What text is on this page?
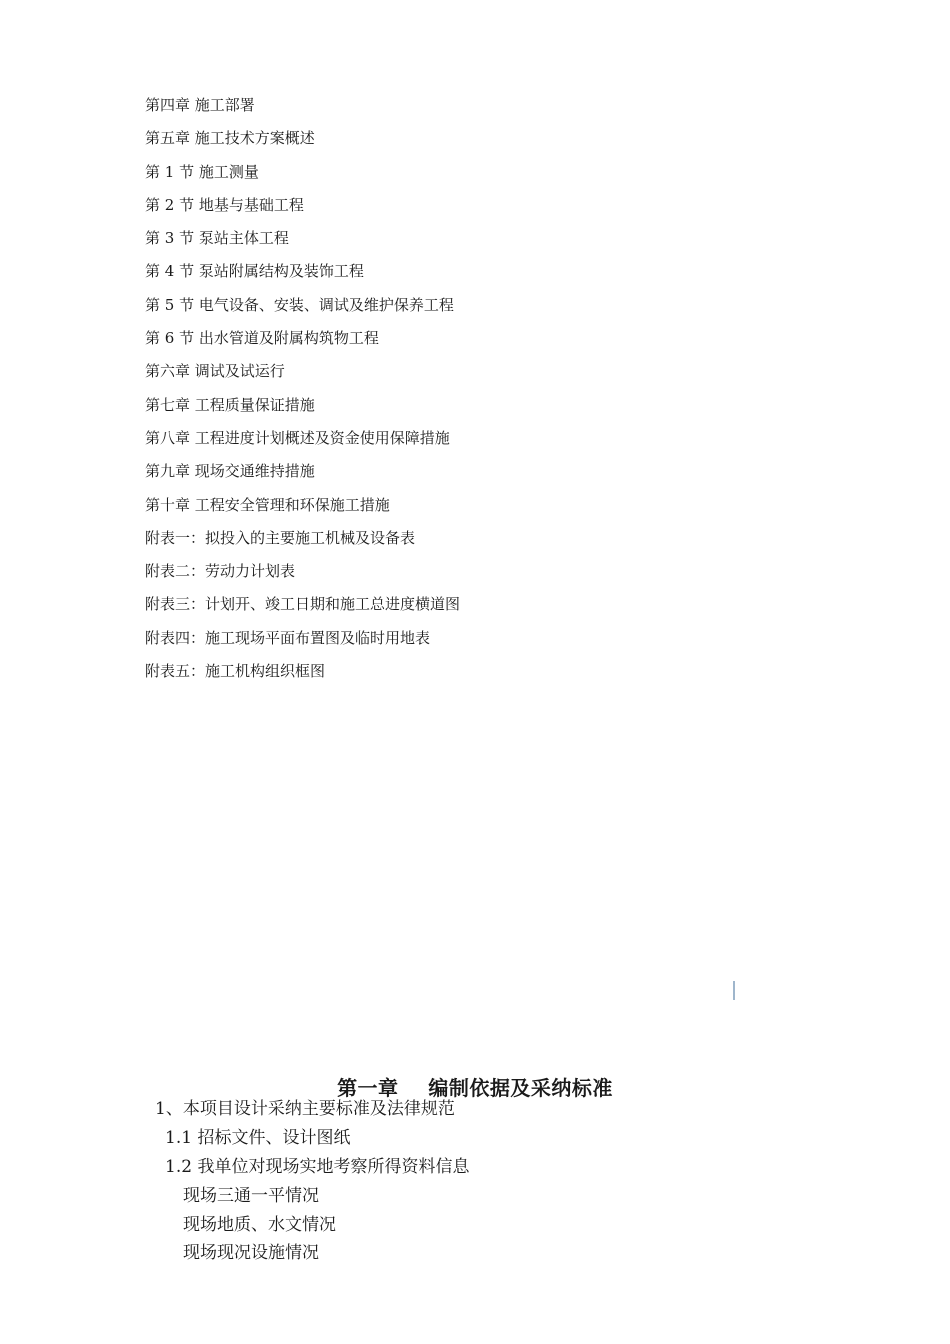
第四章 施工部署
第五章 施工技术方案概述
第 1 节 施工测量
第 2 节 地基与基础工程
第 3 节 泵站主体工程
第 4 节 泵站附属结构及装饰工程
第 5 节 电气设备、安装、调试及维护保养工程
第 6 节 出水管道及附属构筑物工程
第六章 调试及试运行
第七章 工程质量保证措施
第八章 工程进度计划概述及资金使用保障措施
第九章 现场交通维持措施
第十章 工程安全管理和环保施工措施
附表一：拟投入的主要施工机械及设备表
附表二：劳动力计划表
附表三：计划开、竣工日期和施工总进度横道图
附表四：施工现场平面布置图及临时用地表
附表五：施工机构组织框图
第一章    编制依据及采纳标准
1、本项目设计采纳主要标准及法律规范
1.1 招标文件、设计图纸
1.2 我单位对现场实地考察所得资料信息
现场三通一平情况
现场地质、水文情况
现场现况设施情况
